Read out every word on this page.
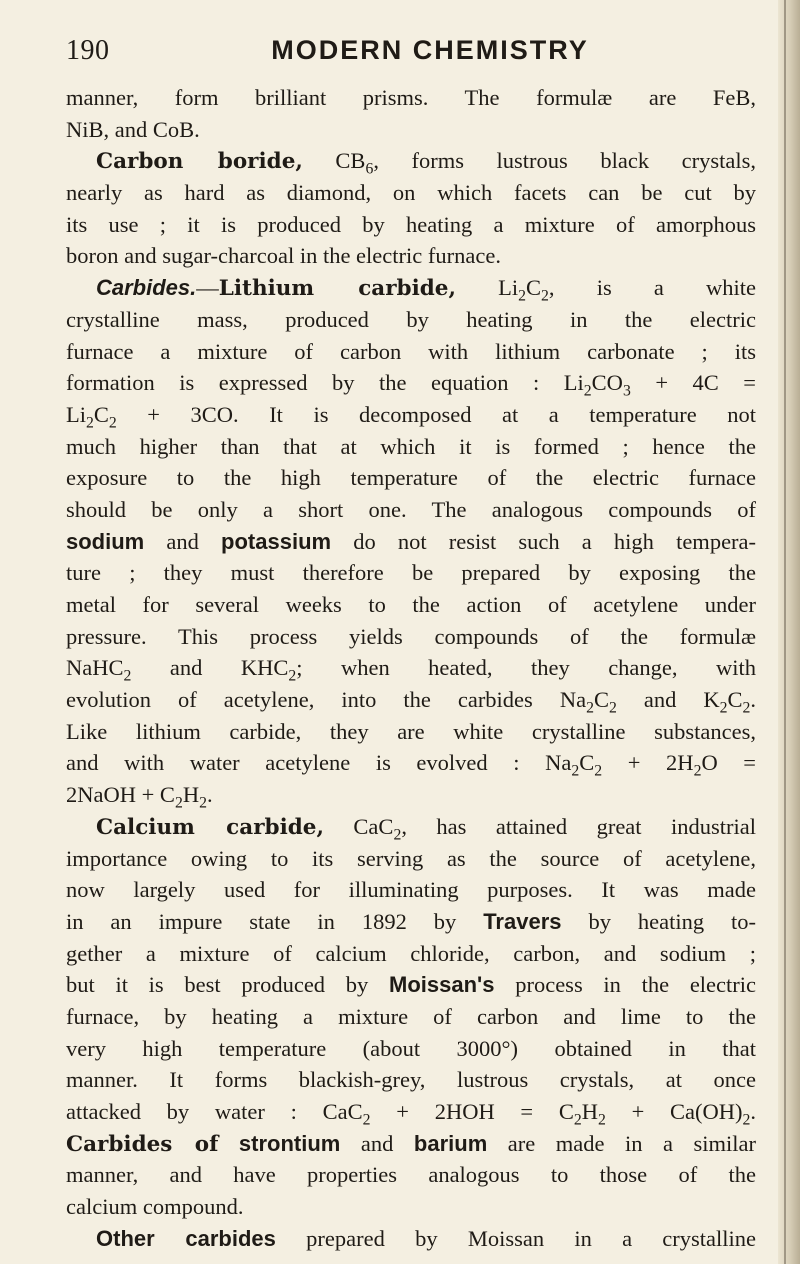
190	MODERN CHEMISTRY
manner, form brilliant prisms. The formulæ are FeB,
NiB, and CoB.
Carbon boride, $CB_6$, forms lustrous black crystals,
nearly as hard as diamond, on which facets can be cut by
its use ; it is produced by heating a mixture of amorphous
boron and sugar-charcoal in the electric furnace.
Carbides.—Lithium carbide, $Li_2C_2$, is a white
crystalline mass, produced by heating in the electric
furnace a mixture of carbon with lithium carbonate ; its
formation is expressed by the equation : $Li_2CO_3 + 4C$ =
$Li_2C_2 + 3CO$. It is decomposed at a temperature not
much higher than that at which it is formed ; hence the
exposure to the high temperature of the electric furnace
should be only a short one. The analogous compounds of
sodium and potassium do not resist such a high tempera-
ture ; they must therefore be prepared by exposing the
metal for several weeks to the action of acetylene under
pressure. This process yields compounds of the formulæ
NaHC$_2$ and $KHC_2$; when heated, they change, with
evolution of acetylene, into the carbides $Na_2C_2$ and $K_2C_2$.
Like lithium carbide, they are white crystalline substances,
and with water acetylene is evolved : $Na_2C_2 + 2H_2O$ =
2NaOH + $C_2H_2$.
Calcium carbide, CaC$_2$, has attained great industrial
importance owing to its serving as the source of acetylene,
now largely used for illuminating purposes. It was made
in an impure state in 1892 by Travers by heating to-
gether a mixture of calcium chloride, carbon, and sodium ;
but it is best produced by Moissan's process in the electric
furnace, by heating a mixture of carbon and lime to the
very high temperature (about 3000°) obtained in that
manner. It forms blackish-grey, lustrous crystals, at once
attacked by water : $CaC_2 + 2HOH = C_2H_2 + Ca(OH)_2$.
Carbides of strontium and barium are made in a similar
manner, and have properties analogous to those of the
calcium compound.
Other carbides prepared by Moissan in a crystalline
